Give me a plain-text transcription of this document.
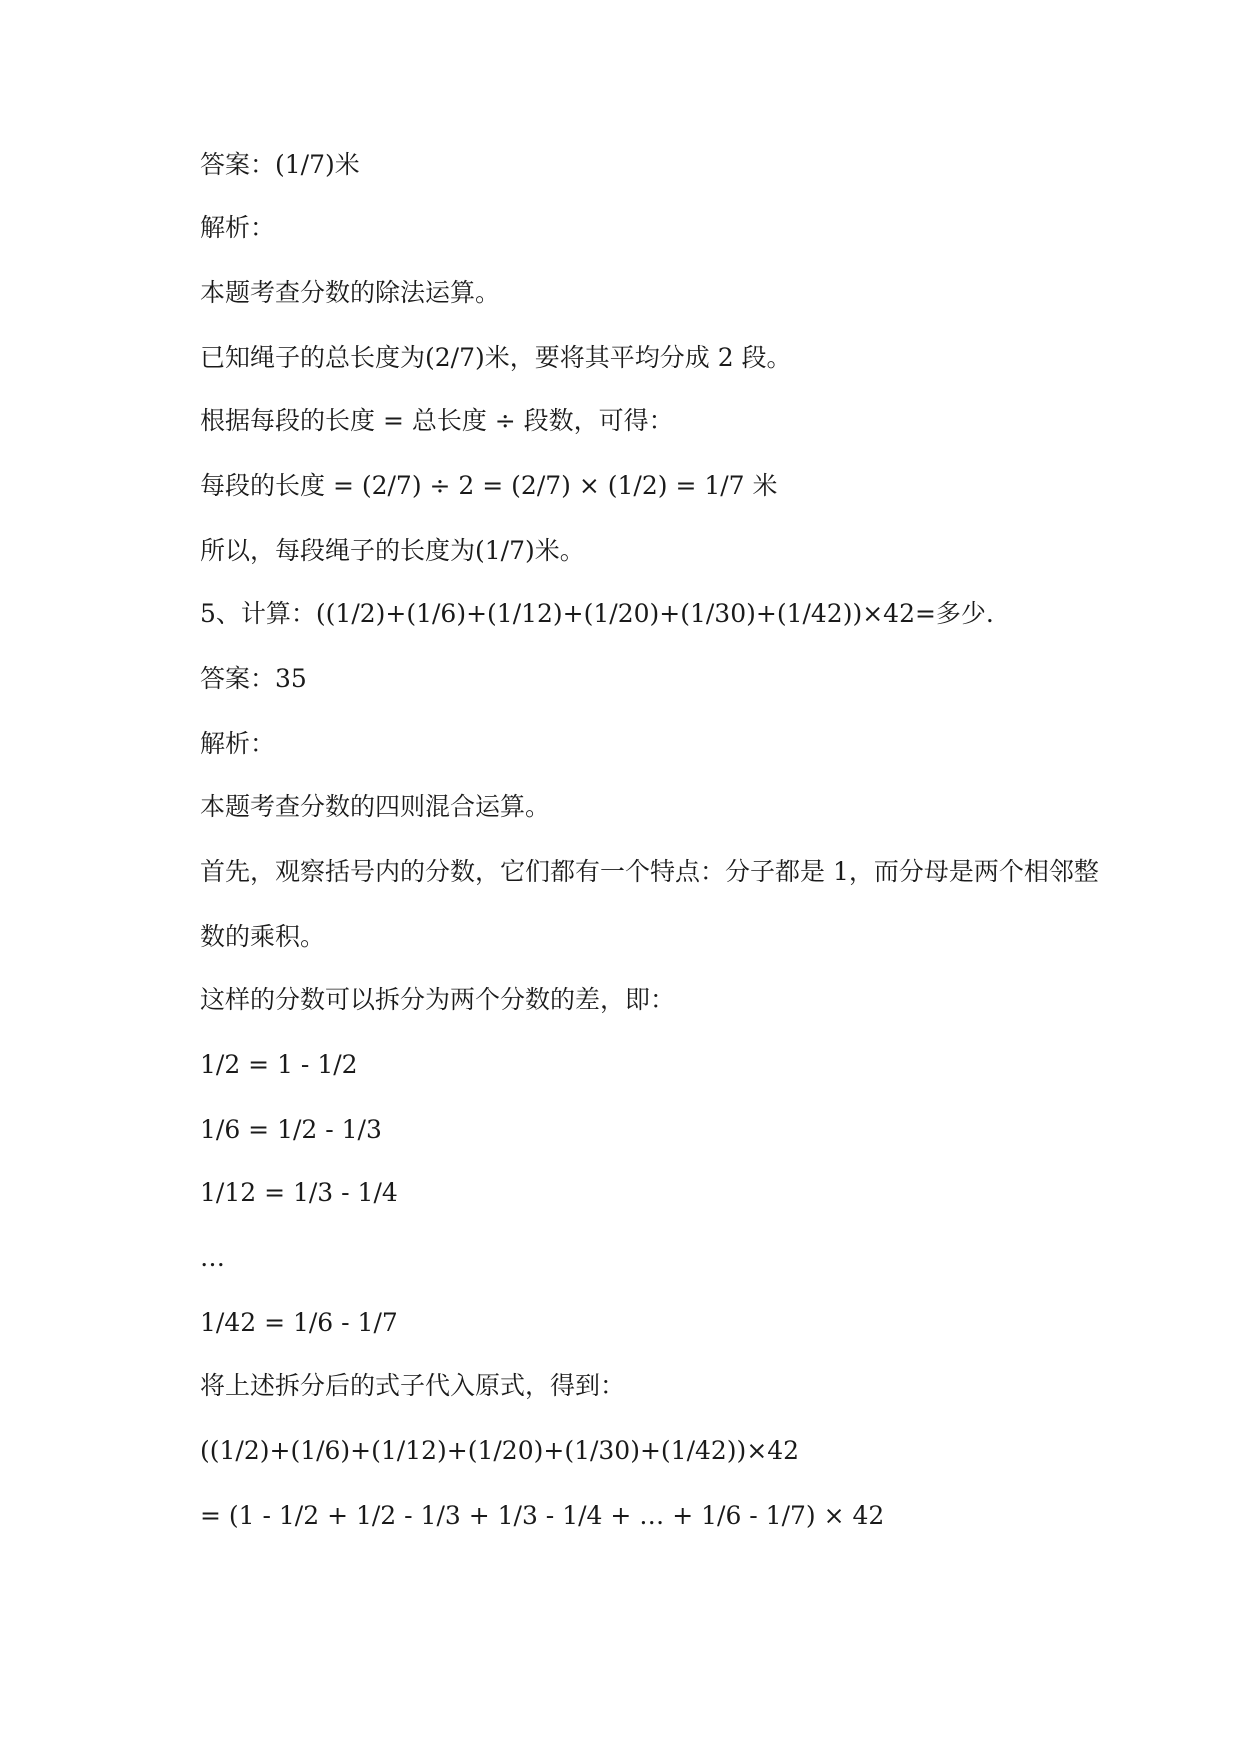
答案：(1/7)米

解析：

本题考查分数的除法运算。

已知绳子的总长度为(2/7)米，要将其平均分成 2 段。

根据每段的长度 = 总长度 ÷ 段数，可得：

每段的长度 = (2/7) ÷ 2 = (2/7) × (1/2) = 1/7 米

所以，每段绳子的长度为(1/7)米。

5、计算：((1/2)+(1/6)+(1/12)+(1/20)+(1/30)+(1/42))×42=多少.

答案：35

解析：

本题考查分数的四则混合运算。

首先，观察括号内的分数，它们都有一个特点：分子都是 1，而分母是两个相邻整

数的乘积。

这样的分数可以拆分为两个分数的差，即：

1/2 = 1 - 1/2

1/6 = 1/2 - 1/3

1/12 = 1/3 - 1/4

…

1/42 = 1/6 - 1/7

将上述拆分后的式子代入原式，得到：

((1/2)+(1/6)+(1/12)+(1/20)+(1/30)+(1/42))×42

= (1 - 1/2 + 1/2 - 1/3 + 1/3 - 1/4 + … + 1/6 - 1/7) × 42
